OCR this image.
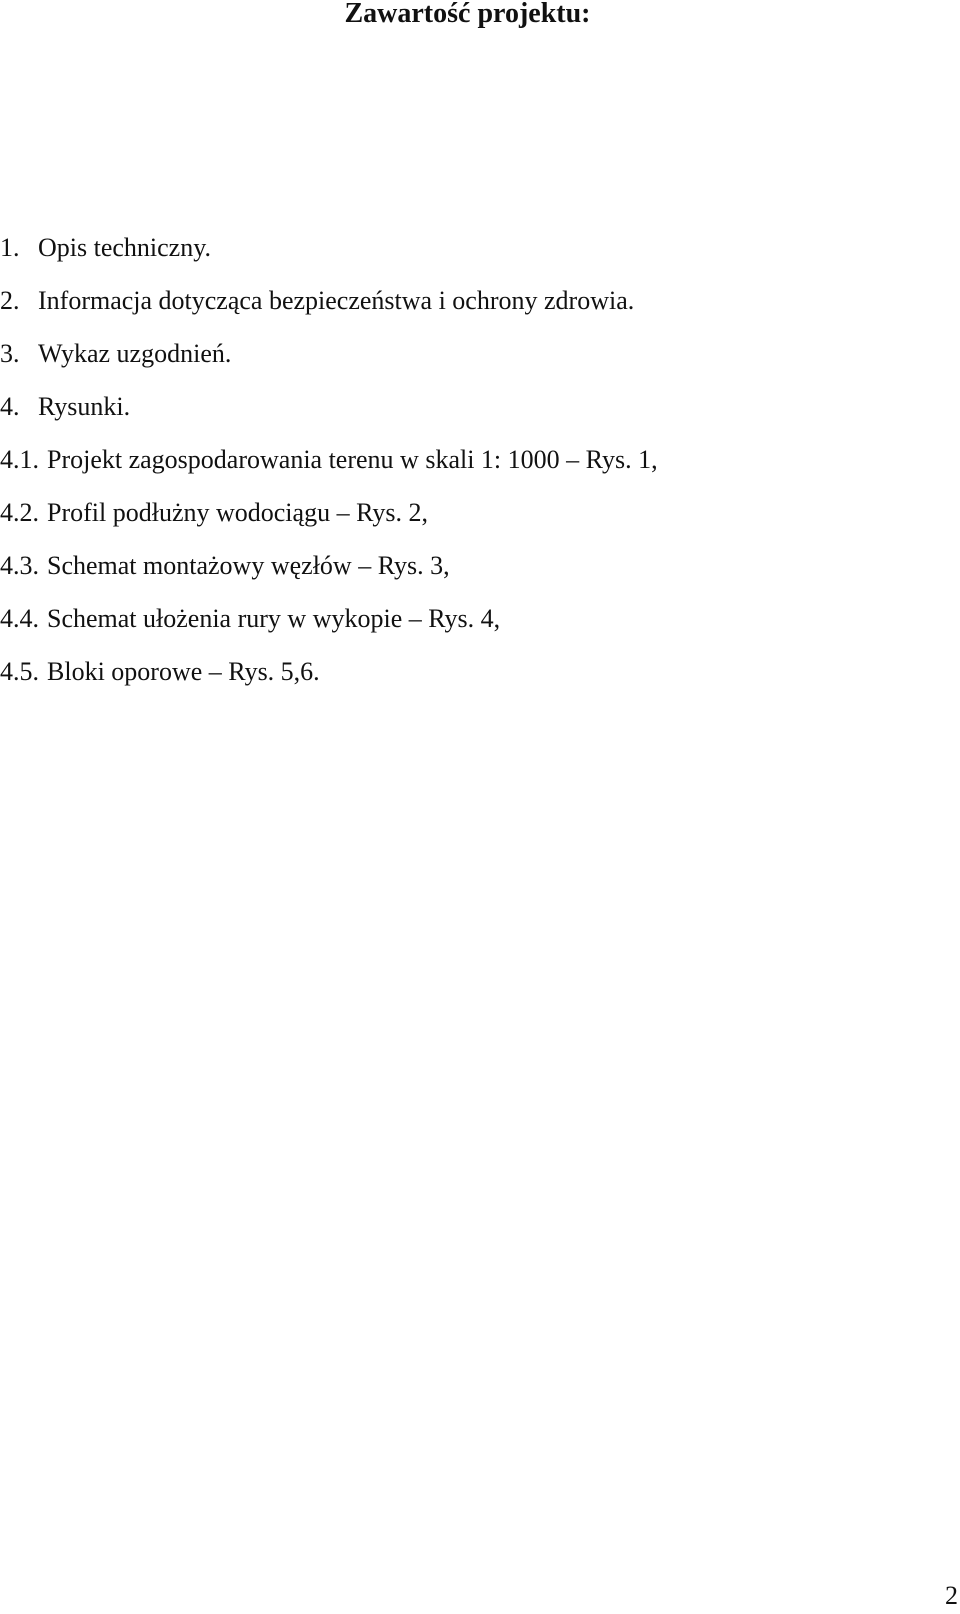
Zawartość projektu:
1. Opis techniczny.
2. Informacja dotycząca bezpieczeństwa i ochrony zdrowia.
3. Wykaz uzgodnień.
4. Rysunki.
4.1. Projekt zagospodarowania terenu w skali 1: 1000 – Rys. 1,
4.2. Profil podłużny wodociągu – Rys. 2,
4.3. Schemat montażowy węzłów – Rys. 3,
4.4. Schemat ułożenia rury w wykopie – Rys. 4,
4.5. Bloki oporowe – Rys. 5,6.
2
